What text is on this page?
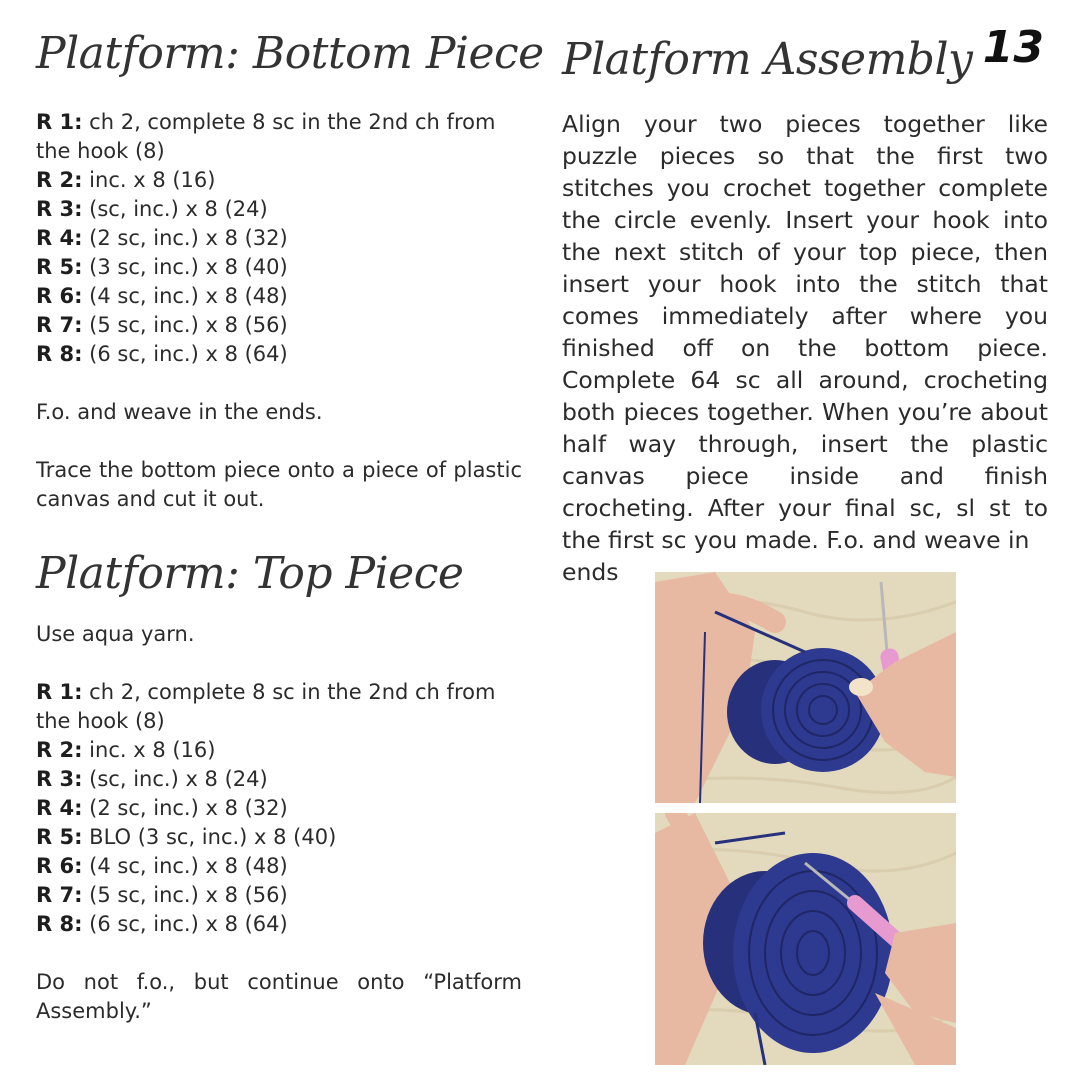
Platform: Bottom Piece Platform Assembly 13
R 1: ch 2, complete 8 sc in the 2nd ch from
the hook (8)
R 2: inc. x 8 (16)
R 3: (sc, inc.) x 8 (24)
R 4: (2 sc, inc.) x 8 (32)
R 5: (3 sc, inc.) x 8 (40)
R 6: (4 sc, inc.) x 8 (48)
R 7: (5 sc, inc.) x 8 (56)
R 8: (6 sc, inc.) x 8 (64)
F.o. and weave in the ends.
Trace the bottom piece onto a piece of plastic canvas and cut it out.
Platform: Top Piece
Use aqua yarn.
R 1: ch 2, complete 8 sc in the 2nd ch from
the hook (8)
R 2: inc. x 8 (16)
R 3: (sc, inc.) x 8 (24)
R 4: (2 sc, inc.) x 8 (32)
R 5: BLO (3 sc, inc.) x 8 (40)
R 6: (4 sc, inc.) x 8 (48)
R 7: (5 sc, inc.) x 8 (56)
R 8: (6 sc, inc.) x 8 (64)
Do not f.o., but continue onto “Platform Assembly.”

Align your two pieces together like puzzle pieces so that the first two stitches you crochet together complete the circle evenly. Insert your hook into the next stitch of your top piece, then insert your hook into the stitch that comes immediately after where you finished off on the bottom piece. Complete 64 sc all around, crocheting both pieces together. When you’re about half way through, insert the plastic canvas piece inside and finish crocheting. After your final sc, sl st to the first sc you made. F.o. and weave in

ends
